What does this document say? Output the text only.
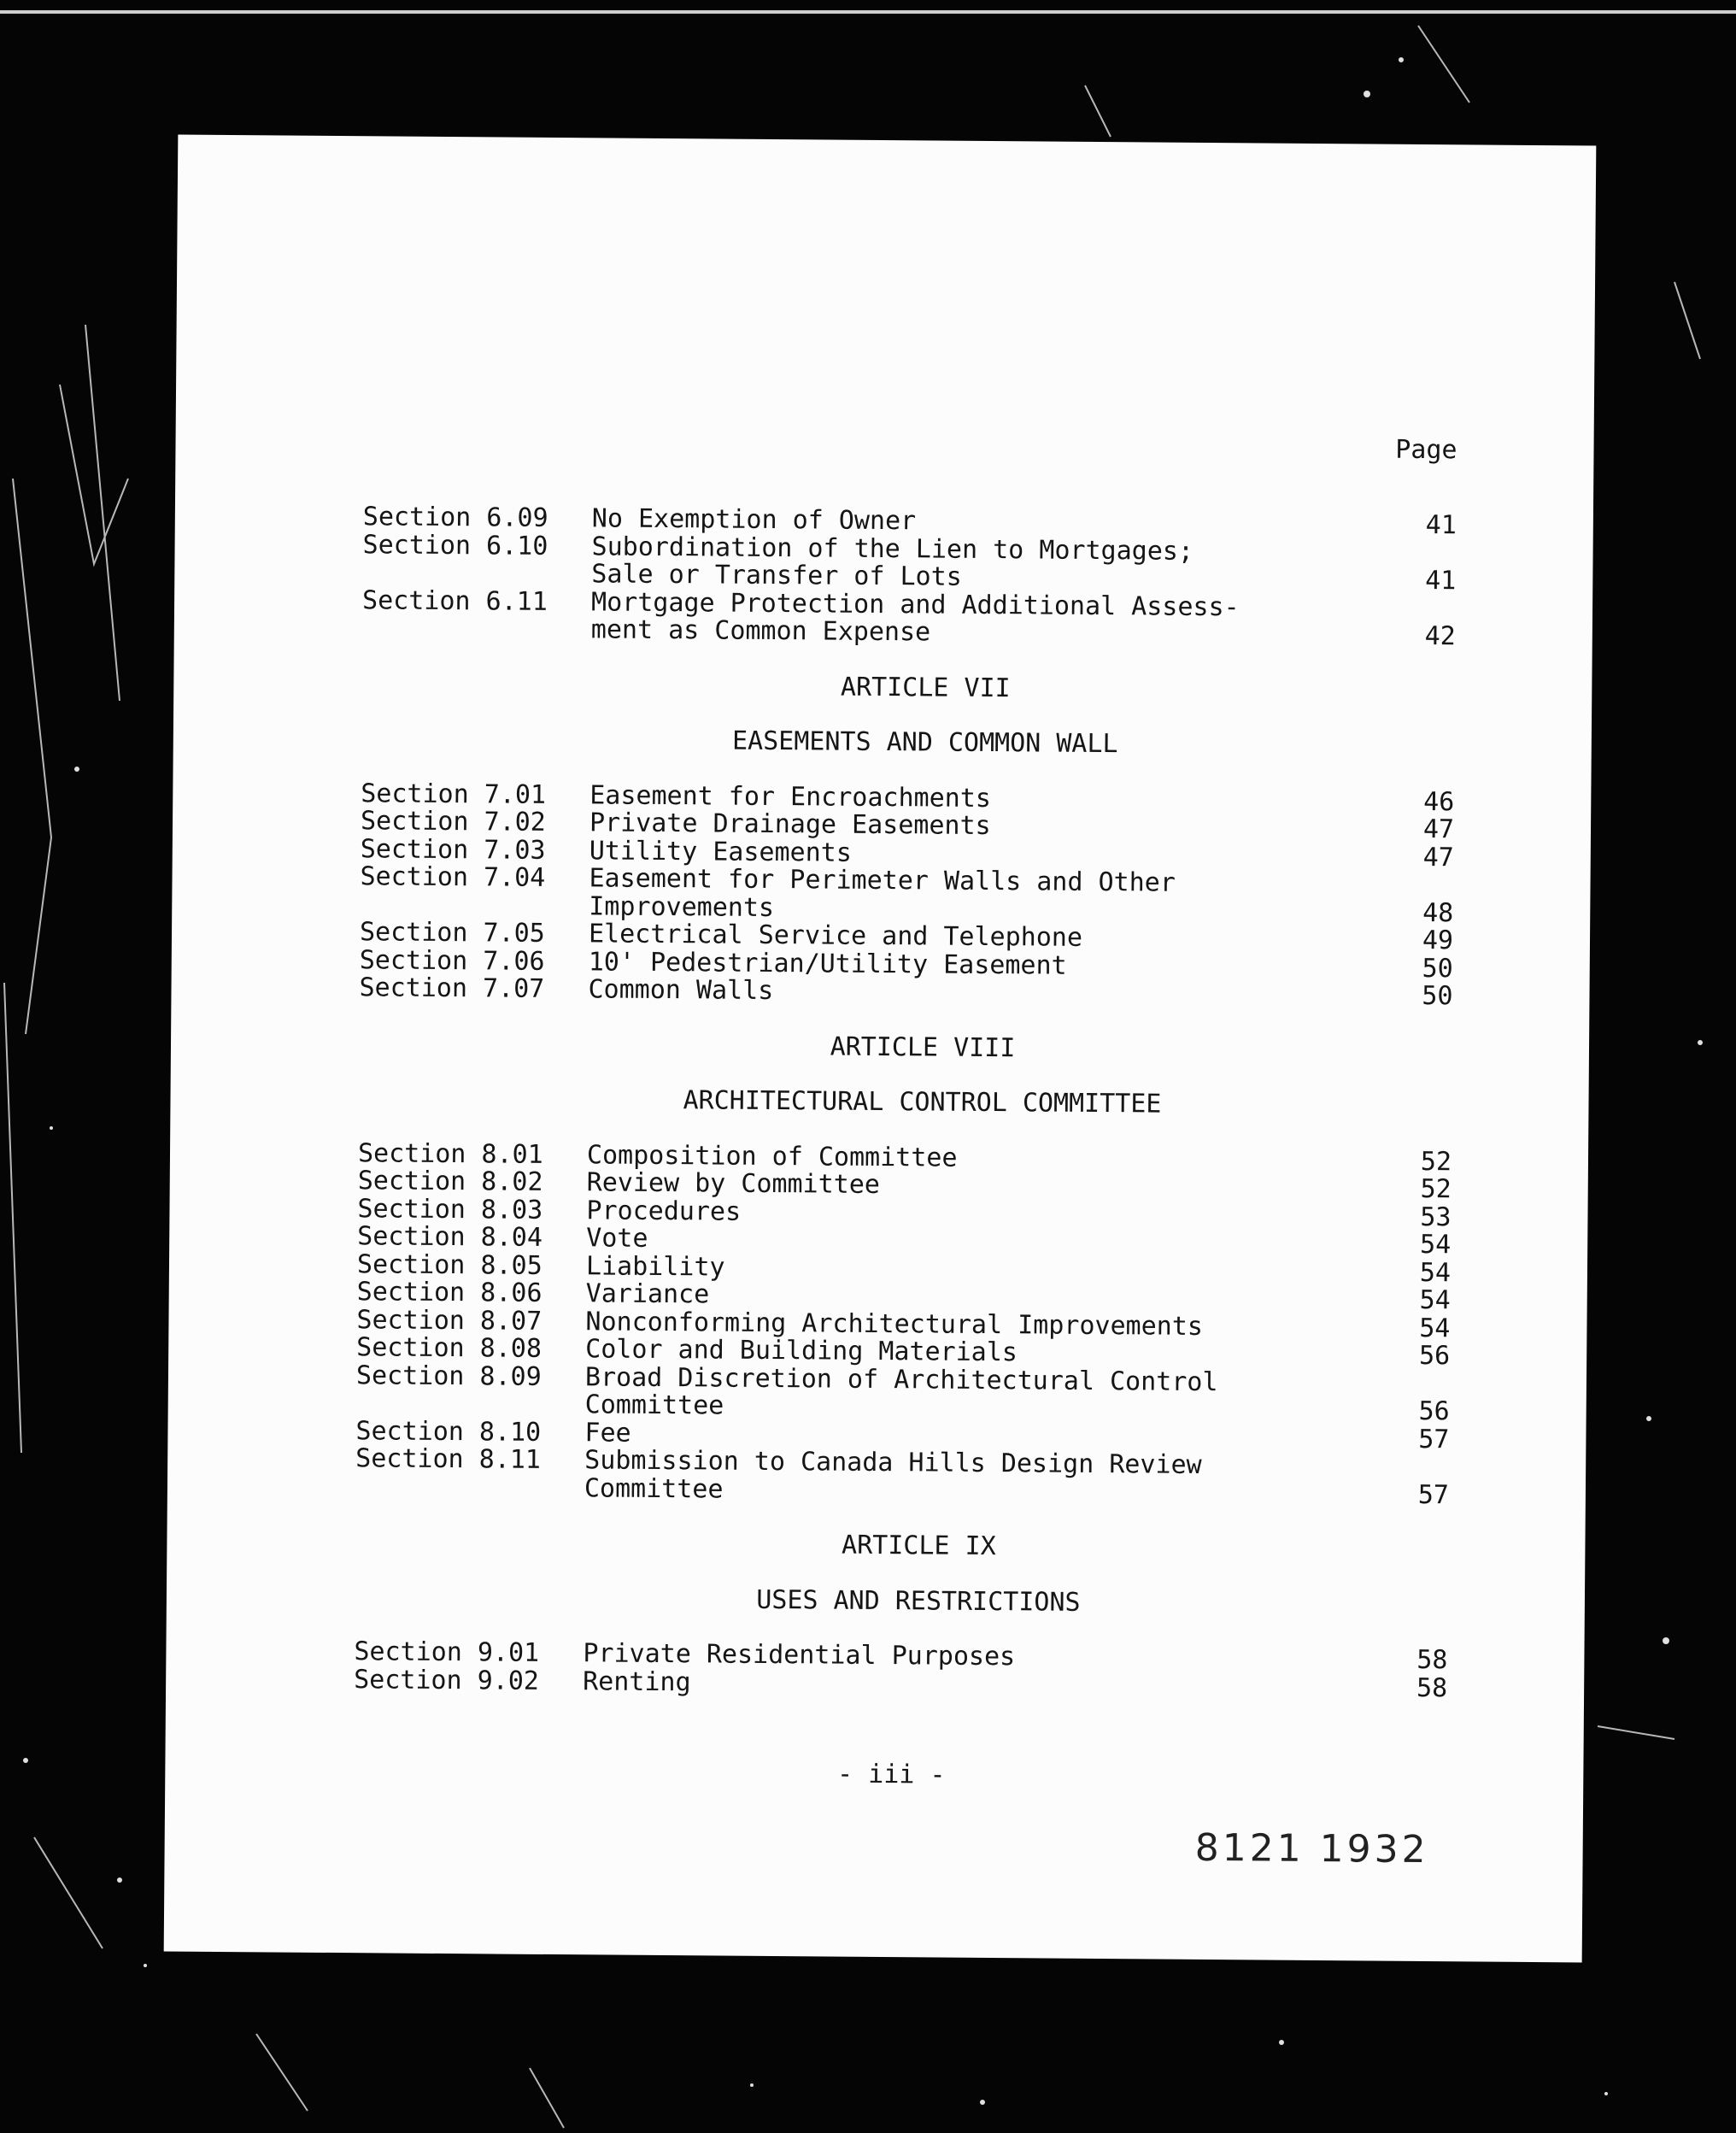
Page
Section 6.09 No Exemption of Owner	41
Section 6.10 Subordination of the Lien to Mortgages;
Sale or Transfer of Lots	41
Section 6.11 Mortgage Protection and Additional Assess-
ment as Common Expense	42
ARTICLE VII
EASEMENTS AND COMMON WALL
Section 7.01 Easement for Encroachments	46
Section 7.02 Private Drainage Easements	47
Section 7.03 Utility Easements	47
Section 7.04 Easement for Perimeter Walls and Other
Improvements	48
Section 7.05 Electrical Service and Telephone	49
Section 7.06 10' Pedestrian/Utility Easement	50
Section 7.07 Common Walls	50
ARTICLE VIII
ARCHITECTURAL CONTROL COMMITTEE
Section 8.01 Composition of Committee	52
Section 8.02 Review by Committee	52
Section 8.03 Procedures	53
Section 8.04 Vote	54
Section 8.05 Liability	54
Section 8.06 Variance	54
Section 8.07 Nonconforming Architectural Improvements	54
Section 8.08 Color and Building Materials	56
Section 8.09 Broad Discretion of Architectural Control
Committee	56
Section 8.10 Fee	57
Section 8.11 Submission to Canada Hills Design Review
Committee	57
ARTICLE IX
USES AND RESTRICTIONS
Section 9.01 Private Residential Purposes	58
Section 9.02 Renting	58
- iii -
8121 1932
